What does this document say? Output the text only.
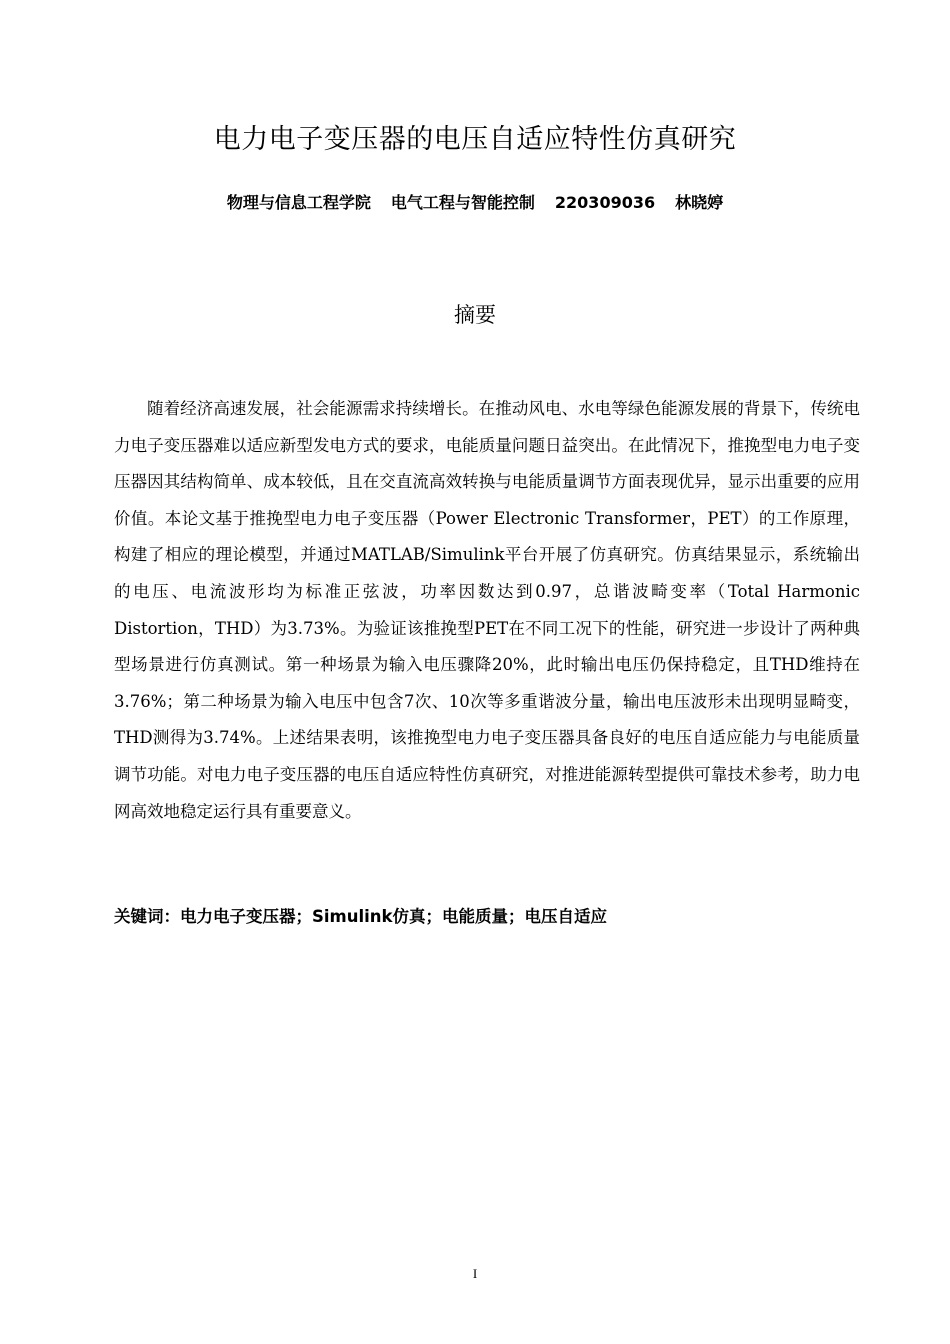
电力电子变压器的电压自适应特性仿真研究
物理与信息工程学院 电气工程与智能控制 220309036 林晓婷
摘要

随着经济高速发展，社会能源需求持续增长。在推动风电、水电等绿色能源发展的背景下，传统电力电子变压器难以适应新型发电方式的要求，电能质量问题日益突出。在此情况下，推挽型电力电子变压器因其结构简单、成本较低，且在交直流高效转换与电能质量调节方面表现优异，显示出重要的应用价值。本论文基于推挽型电力电子变压器（Power Electronic Transformer，PET）的工作原理，构建了相应的理论模型，并通过MATLAB/Simulink平台开展了仿真研究。仿真结果显示，系统输出的电压、电流波形均为标准正弦波，功率因数达到0.97，总谐波畸变率（Total Harmonic Distortion，THD）为3.73%。为验证该推挽型PET在不同工况下的性能，研究进一步设计了两种典型场景进行仿真测试。第一种场景为输入电压骤降20%，此时输出电压仍保持稳定，且THD维持在3.76%；第二种场景为输入电压中包含7次、10次等多重谐波分量，输出电压波形未出现明显畸变，THD测得为3.74%。上述结果表明，该推挽型电力电子变压器具备良好的电压自适应能力与电能质量调节功能。对电力电子变压器的电压自适应特性仿真研究，对推进能源转型提供可靠技术参考，助力电网高效地稳定运行具有重要意义。

关键词：电力电子变压器；Simulink仿真；电能质量；电压自适应
I
